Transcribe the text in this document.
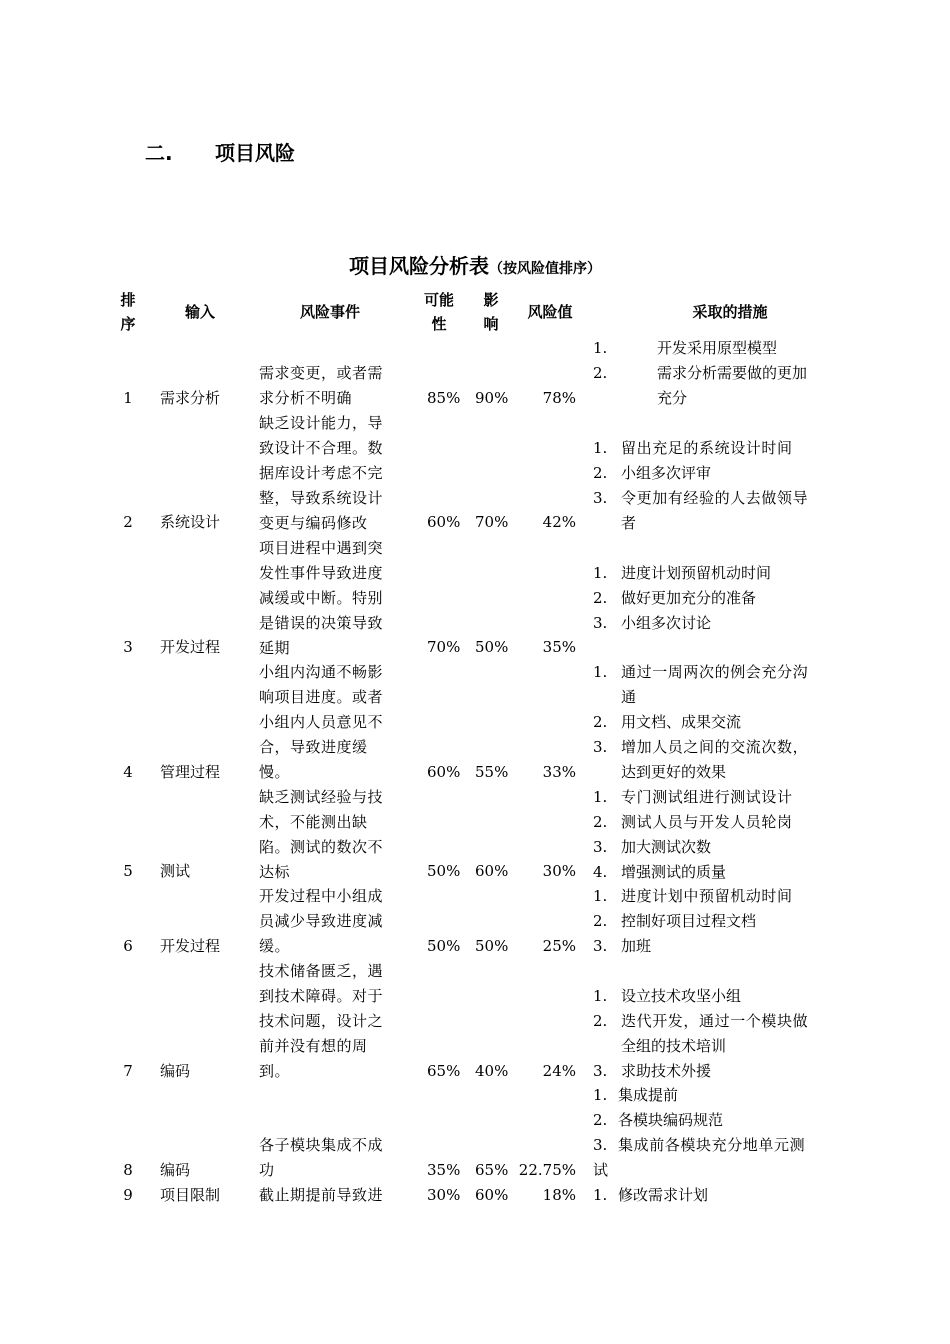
二. 项目风险
项目风险分析表（按风险值排序）
排
序
输入	风险事件
可能
性
影
响
风险值	采取的措施
1	需求分析
需求变更，或者需
求分析不明确	85% 90%	78%
1.	开发采用原型模型
2.	需求分析需要做的更加
充分
2	系统设计
缺乏设计能力，导
致设计不合理。数
据库设计考虑不完
整，导致系统设计
变更与编码修改	60% 70%	42%
1. 留出充足的系统设计时间
2. 小组多次评审
3. 令更加有经验的人去做领导
者
3	开发过程
项目进程中遇到突
发性事件导致进度
减缓或中断。特别
是错误的决策导致
延期	70% 50%	35%
1. 进度计划预留机动时间
2. 做好更加充分的准备
3. 小组多次讨论
4	管理过程
小组内沟通不畅影
响项目进度。或者
小组内人员意见不
合，导致进度缓
慢。	60% 55%	33%
1. 通过一周两次的例会充分沟
通
2. 用文档、成果交流
3. 增加人员之间的交流次数，
达到更好的效果
5	测试
缺乏测试经验与技
术，不能测出缺
陷。测试的数次不
达标	50% 60%	30%
1. 专门测试组进行测试设计
2. 测试人员与开发人员轮岗
3. 加大测试次数
4. 增强测试的质量
6	开发过程
开发过程中小组成
员减少导致进度减
缓。	50% 50%	25%
1. 进度计划中预留机动时间
2. 控制好项目过程文档
3. 加班
7	编码
技术储备匮乏，遇
到技术障碍。对于
技术问题，设计之
前并没有想的周
到。	65% 40%	24%
1. 设立技术攻坚小组
2. 迭代开发，通过一个模块做
全组的技术培训
3. 求助技术外援
8	编码
各子模块集成不成
功	35% 65% 22.75%
1. 集成提前
2. 各模块编码规范
3. 集成前各模块充分地单元测
试
9	项目限制	截止期提前导致进	30% 60%	18% 1. 修改需求计划
